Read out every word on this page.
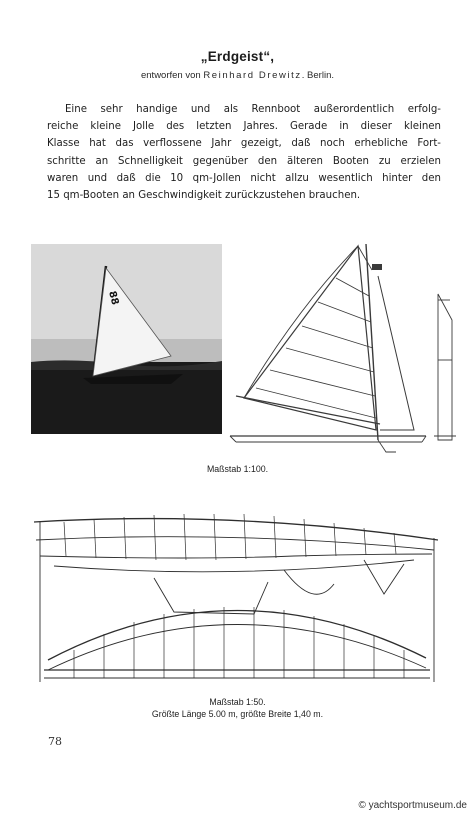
„Erdgeist“,
entworfen von Reinhard Drewitz. Berlin.
Eine sehr handige und als Rennboot außerordentlich erfolg-
reiche kleine Jolle des letzten Jahres. Gerade in dieser kleinen
Klasse hat das verflossene Jahr gezeigt, daß noch erhebliche Fort-
schritte an Schnelligkeit gegenüber den älteren Booten zu erzielen
waren und daß die 10 qm-Jollen nicht allzu wesentlich hinter den
15 qm-Booten an Geschwindigkeit zurückzustehen brauchen.
88
Maßstab 1:100.
Maßstab 1:50.
Größte Länge 5.00 m, größte Breite 1,40 m.
78
© yachtsportmuseum.de
